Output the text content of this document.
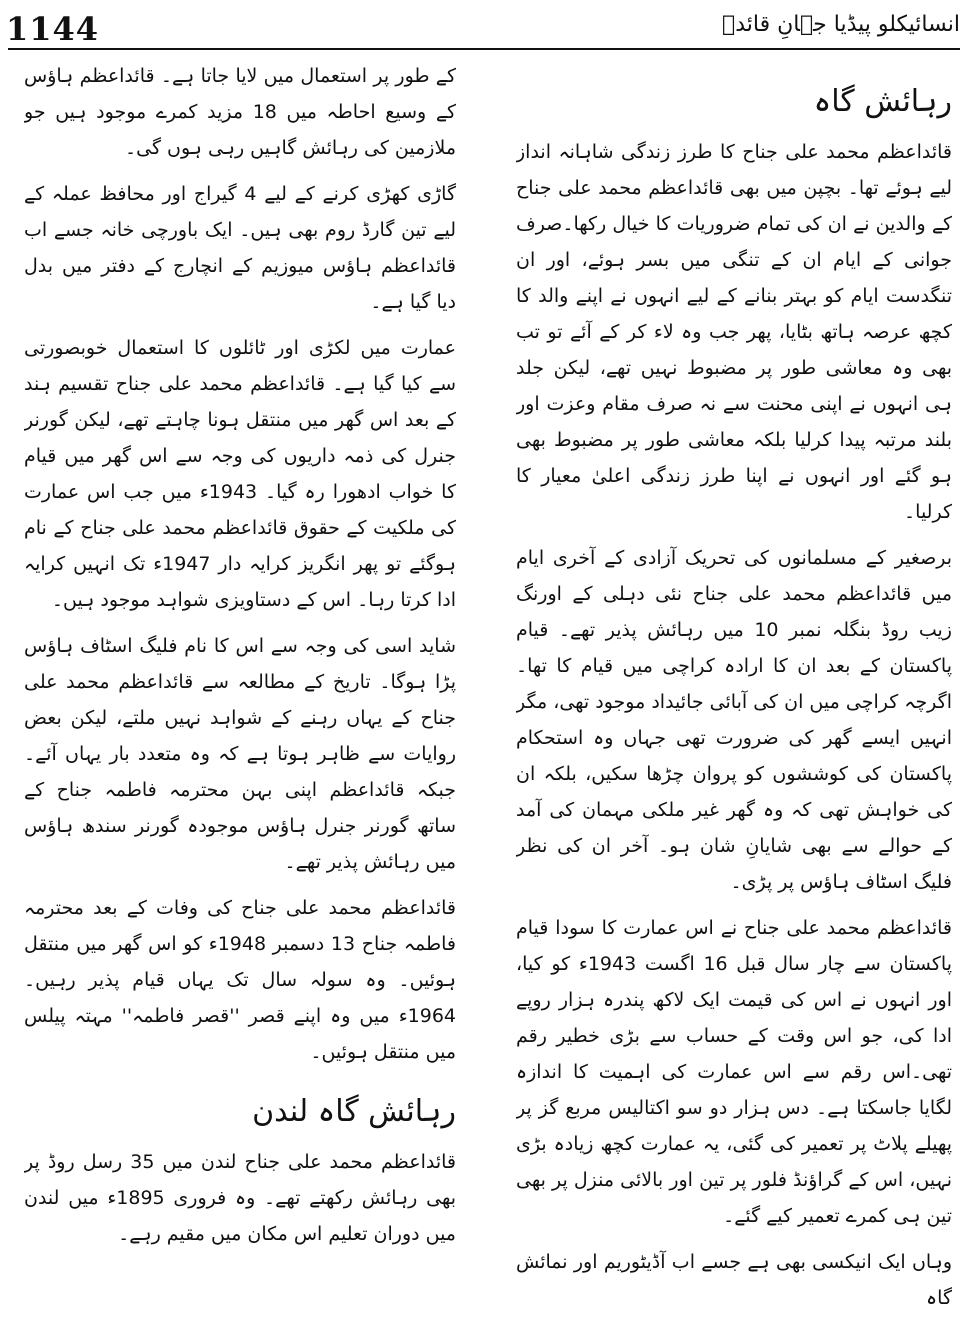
1144	انسائیکلو پیڈیا جہانِ قائدؒ
رہائش گاہ

قائداعظم محمد علی جناح کا طرز زندگی شاہانہ انداز لیے ہوئے تھا۔ بچپن میں بھی قائداعظم محمد علی جناح کے والدین نے ان کی تمام ضروریات کا خیال رکھا۔صرف جوانی کے ایام ان کے تنگی میں بسر ہوئے، اور ان تنگدست ایام کو بہتر بنانے کے لیے انہوں نے اپنے والد کا کچھ عرصہ ہاتھ بٹایا، پھر جب وہ لاء کر کے آئے تو تب بھی وہ معاشی طور پر مضبوط نہیں تھے، لیکن جلد ہی انہوں نے اپنی محنت سے نہ صرف مقام وعزت اور بلند مرتبہ پیدا کرلیا بلکہ معاشی طور پر مضبوط بھی ہو گئے اور انہوں نے اپنا طرز زندگی اعلیٰ معیار کا کرلیا۔

برصغیر کے مسلمانوں کی تحریک آزادی کے آخری ایام میں قائداعظم محمد علی جناح نئی دہلی کے اورنگ زیب روڈ بنگلہ نمبر 10 میں رہائش پذیر تھے۔ قیام پاکستان کے بعد ان کا ارادہ کراچی میں قیام کا تھا۔ اگرچہ کراچی میں ان کی آبائی جائیداد موجود تھی، مگر انہیں ایسے گھر کی ضرورت تھی جہاں وہ استحکام پاکستان کی کوششوں کو پروان چڑھا سکیں، بلکہ ان کی خواہش تھی کہ وہ گھر غیر ملکی مہمان کی آمد کے حوالے سے بھی شایانِ شان ہو۔ آخر ان کی نظر فلیگ اسٹاف ہاؤس پر پڑی۔

قائداعظم محمد علی جناح نے اس عمارت کا سودا قیام پاکستان سے چار سال قبل 16 اگست 1943ء کو کیا، اور انہوں نے اس کی قیمت ایک لاکھ پندرہ ہزار روپے ادا کی، جو اس وقت کے حساب سے بڑی خطیر رقم تھی۔اس رقم سے اس عمارت کی اہمیت کا اندازہ لگایا جاسکتا ہے۔ دس ہزار دو سو اکتالیس مربع گز پر پھیلے پلاٹ پر تعمیر کی گئی، یہ عمارت کچھ زیادہ بڑی نہیں، اس کے گراؤنڈ فلور پر تین اور بالائی منزل پر بھی تین ہی کمرے تعمیر کیے گئے۔

وہاں ایک انیکسی بھی ہے جسے اب آڈیٹوریم اور نمائش گاہ

کے طور پر استعمال میں لایا جاتا ہے۔ قائداعظم ہاؤس کے وسیع احاطہ میں 18 مزید کمرے موجود ہیں جو ملازمین کی رہائش گاہیں رہی ہوں گی۔

گاڑی کھڑی کرنے کے لیے 4 گیراج اور محافظ عملہ کے لیے تین گارڈ روم بھی ہیں۔ ایک باورچی خانہ جسے اب قائداعظم ہاؤس میوزیم کے انچارج کے دفتر میں بدل دیا گیا ہے۔

عمارت میں لکڑی اور ٹائلوں کا استعمال خوبصورتی سے کیا گیا ہے۔ قائداعظم محمد علی جناح تقسیم ہند کے بعد اس گھر میں منتقل ہونا چاہتے تھے، لیکن گورنر جنرل کی ذمہ داریوں کی وجہ سے اس گھر میں قیام کا خواب ادھورا رہ گیا۔ 1943ء میں جب اس عمارت کی ملکیت کے حقوق قائداعظم محمد علی جناح کے نام ہوگئے تو پھر انگریز کرایہ دار 1947ء تک انہیں کرایہ ادا کرتا رہا۔ اس کے دستاویزی شواہد موجود ہیں۔

شاید اسی کی وجہ سے اس کا نام فلیگ اسٹاف ہاؤس پڑا ہوگا۔ تاریخ کے مطالعہ سے قائداعظم محمد علی جناح کے یہاں رہنے کے شواہد نہیں ملتے، لیکن بعض روایات سے ظاہر ہوتا ہے کہ وہ متعدد بار یہاں آئے۔ جبکہ قائداعظم اپنی بہن محترمہ فاطمہ جناح کے ساتھ گورنر جنرل ہاؤس موجودہ گورنر سندھ ہاؤس میں رہائش پذیر تھے۔

قائداعظم محمد علی جناح کی وفات کے بعد محترمہ فاطمہ جناح 13 دسمبر 1948ء کو اس گھر میں منتقل ہوئیں۔ وہ سولہ سال تک یہاں قیام پذیر رہیں۔ 1964ء میں وہ اپنے قصر ''قصر فاطمہ'' مہتہ پیلس میں منتقل ہوئیں۔

رہائش گاہ لندن

قائداعظم محمد علی جناح لندن میں 35 رسل روڈ پر بھی رہائش رکھتے تھے۔ وہ فروری 1895ء میں لندن میں دوران تعلیم اس مکان میں مقیم رہے۔
